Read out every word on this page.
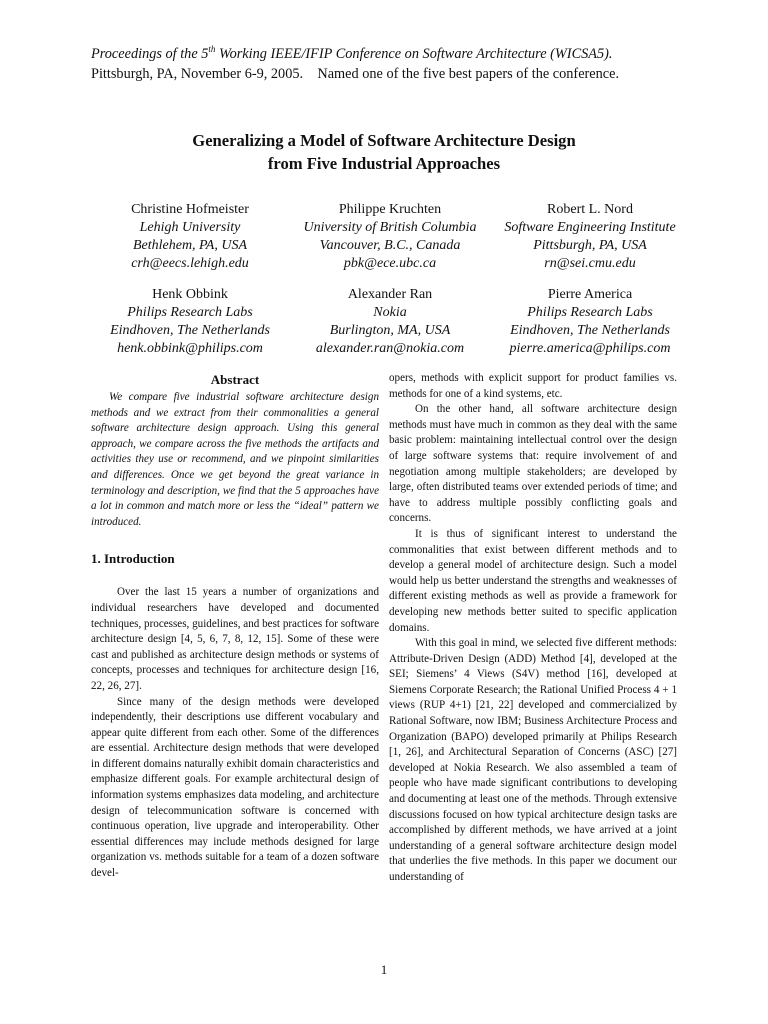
Proceedings of the 5th Working IEEE/IFIP Conference on Software Architecture (WICSA5).
Pittsburgh, PA, November 6-9, 2005.    Named one of the five best papers of the conference.
Generalizing a Model of Software Architecture Design
from Five Industrial Approaches
Christine Hofmeister
Lehigh University
Bethlehem, PA, USA
crh@eecs.lehigh.edu
Philippe Kruchten
University of British Columbia
Vancouver, B.C., Canada
pbk@ece.ubc.ca
Robert L. Nord
Software Engineering Institute
Pittsburgh, PA, USA
rn@sei.cmu.edu
Henk Obbink
Philips Research Labs
Eindhoven, The Netherlands
henk.obbink@philips.com
Alexander Ran
Nokia
Burlington, MA, USA
alexander.ran@nokia.com
Pierre America
Philips Research Labs
Eindhoven, The Netherlands
pierre.america@philips.com
Abstract

We compare five industrial software architecture design methods and we extract from their commonalities a general software architecture design approach. Using this general approach, we compare across the five methods the artifacts and activities they use or recommend, and we pinpoint similarities and differences. Once we get beyond the great variance in terminology and description, we find that the 5 approaches have a lot in common and match more or less the “ideal” pattern we introduced.

1. Introduction

Over the last 15 years a number of organizations and individual researchers have developed and documented techniques, processes, guidelines, and best practices for software architecture design [4, 5, 6, 7, 8, 12, 15]. Some of these were cast and published as architecture design methods or systems of concepts, processes and techniques for architecture design [16, 22, 26, 27].

Since many of the design methods were developed independently, their descriptions use different vocabulary and appear quite different from each other. Some of the differences are essential. Architecture design methods that were developed in different domains naturally exhibit domain characteristics and emphasize different goals. For example architectural design of information systems emphasizes data modeling, and architecture design of telecommunication software is concerned with continuous operation, live upgrade and interoperability. Other essential differences may include methods designed for large organization vs. methods suitable for a team of a dozen software devel-

opers, methods with explicit support for product families vs. methods for one of a kind systems, etc.

On the other hand, all software architecture design methods must have much in common as they deal with the same basic problem: maintaining intellectual control over the design of large software systems that: require involvement of and negotiation among multiple stakeholders; are developed by large, often distributed teams over extended periods of time; and have to address multiple possibly conflicting goals and concerns.

It is thus of significant interest to understand the commonalities that exist between different methods and to develop a general model of architecture design. Such a model would help us better understand the strengths and weaknesses of different existing methods as well as provide a framework for developing new methods better suited to specific application domains.

With this goal in mind, we selected five different methods: Attribute-Driven Design (ADD) Method [4], developed at the SEI; Siemens’ 4 Views (S4V) method [16], developed at Siemens Corporate Research; the Rational Unified Process 4 + 1 views (RUP 4+1) [21, 22] developed and commercialized by Rational Software, now IBM; Business Architecture Process and Organization (BAPO) developed primarily at Philips Research [1, 26], and Architectural Separation of Concerns (ASC) [27] developed at Nokia Research. We also assembled a team of people who have made significant contributions to developing and documenting at least one of the methods. Through extensive discussions focused on how typical architecture design tasks are accomplished by different methods, we have arrived at a joint understanding of a general software architecture design model that underlies the five methods. In this paper we document our understanding of

1
